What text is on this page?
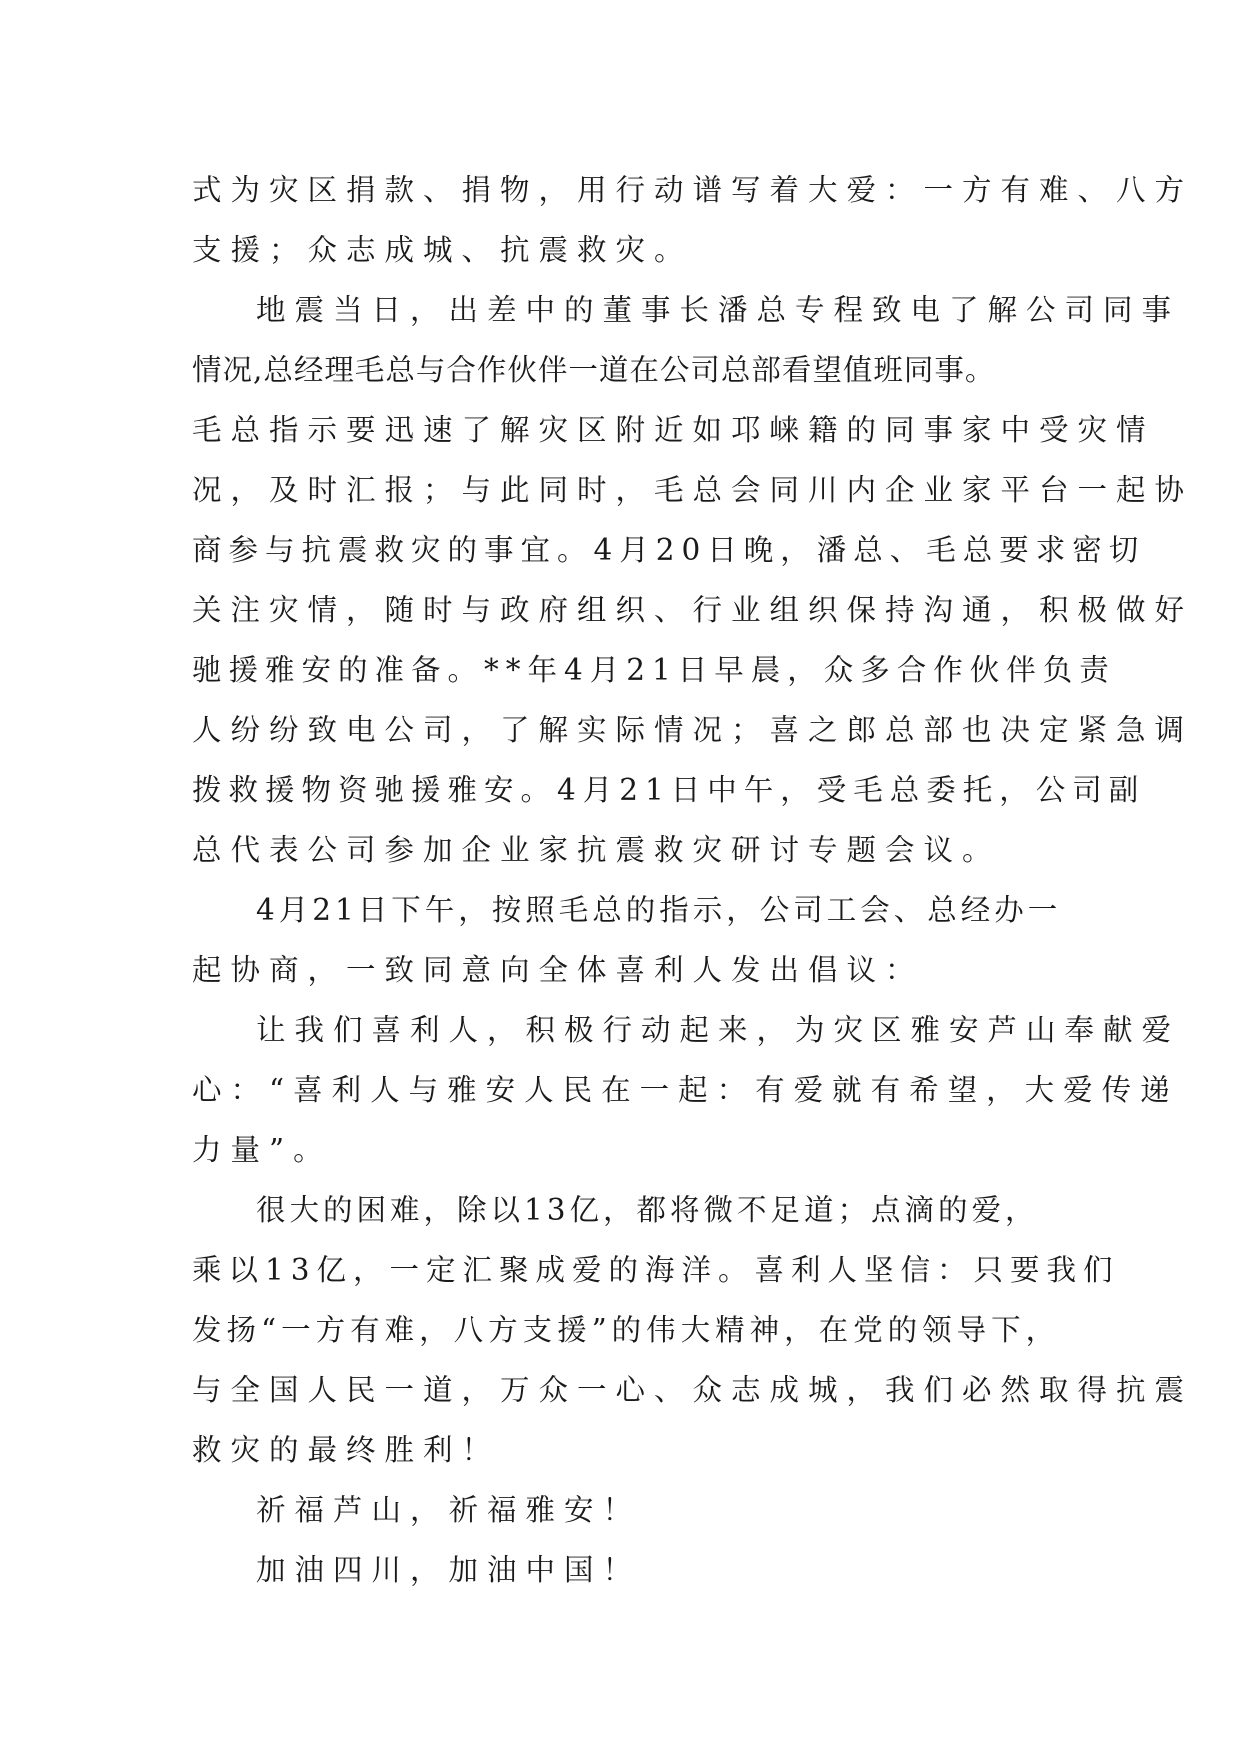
式为灾区捐款、捐物，用行动谱写着大爱：一方有难、八方
支援；众志成城、抗震救灾。
地震当日，出差中的董事长潘总专程致电了解公司同事
情况,总经理毛总与合作伙伴一道在公司总部看望值班同事。
毛总指示要迅速了解灾区附近如邛崃籍的同事家中受灾情
况，及时汇报；与此同时，毛总会同川内企业家平台一起协
商参与抗震救灾的事宜。4月20日晚，潘总、毛总要求密切
关注灾情，随时与政府组织、行业组织保持沟通，积极做好
驰援雅安的准备。**年4月21日早晨，众多合作伙伴负责
人纷纷致电公司，了解实际情况；喜之郎总部也决定紧急调
拨救援物资驰援雅安。4月21日中午，受毛总委托，公司副
总代表公司参加企业家抗震救灾研讨专题会议。
4月21日下午，按照毛总的指示，公司工会、总经办一
起协商，一致同意向全体喜利人发出倡议：
让我们喜利人，积极行动起来，为灾区雅安芦山奉献爱
心：“喜利人与雅安人民在一起：有爱就有希望，大爱传递
力量”。
很大的困难，除以13亿，都将微不足道；点滴的爱，
乘以13亿，一定汇聚成爱的海洋。喜利人坚信：只要我们
发扬“一方有难，八方支援”的伟大精神，在党的领导下，
与全国人民一道，万众一心、众志成城，我们必然取得抗震
救灾的最终胜利！
祈福芦山，祈福雅安！
加油四川，加油中国！
